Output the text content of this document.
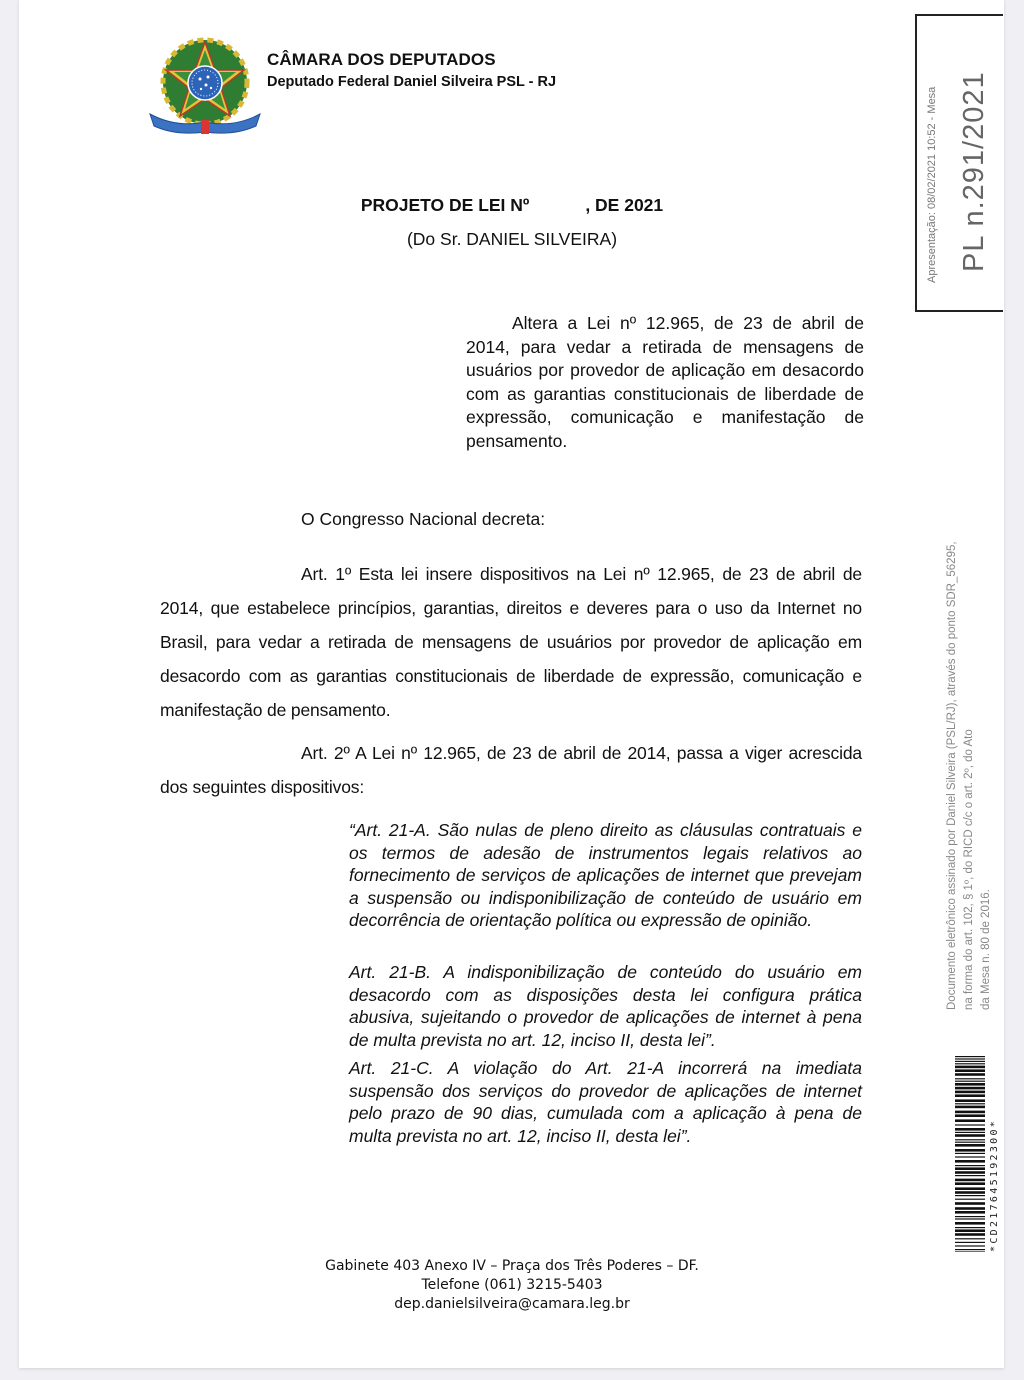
CÂMARA DOS DEPUTADOS
Deputado Federal Daniel Silveira PSL - RJ
PROJETO DE LEI Nº	, DE 2021
(Do Sr. DANIEL SILVEIRA)
Altera a Lei nº 12.965, de 23 de abril de 2014, para vedar a retirada de mensagens de usuários por provedor de aplicação em desacordo com as garantias constitucionais de liberdade de expressão, comunicação e manifestação de pensamento.
O Congresso Nacional decreta:
Art. 1º Esta lei insere dispositivos na Lei nº 12.965, de 23 de abril de 2014, que estabelece princípios, garantias, direitos e deveres para o uso da Internet no Brasil, para vedar a retirada de mensagens de usuários por provedor de aplicação em desacordo com as garantias constitucionais de liberdade de expressão, comunicação e manifestação de pensamento.
Art. 2º A Lei nº 12.965, de 23 de abril de 2014, passa a viger acrescida dos seguintes dispositivos:
“Art. 21-A. São nulas de pleno direito as cláusulas contratuais e os termos de adesão de instrumentos legais relativos ao fornecimento de serviços de aplicações de internet que prevejam a suspensão ou indisponibilização de conteúdo de usuário em decorrência de orientação política ou expressão de opinião.
Art. 21-B. A indisponibilização de conteúdo do usuário em desacordo com as disposições desta lei configura prática abusiva, sujeitando o provedor de aplicações de internet à pena de multa prevista no art. 12, inciso II, desta lei”.
Art. 21-C. A violação do Art. 21-A incorrerá na imediata suspensão dos serviços do provedor de aplicações de internet pelo prazo de 90 dias, cumulada com a aplicação à pena de multa prevista no art. 12, inciso II, desta lei”.
Gabinete 403 Anexo IV – Praça dos Três Poderes – DF.
Telefone (061) 3215-5403
dep.danielsilveira@camara.leg.br
Apresentação: 08/02/2021 10:52 - Mesa PL n.291/2021
Documento eletrônico assinado por Daniel Silveira (PSL/RJ), através do ponto SDR_56295, na forma do art. 102, § 1º, do RICD c/c o art. 2º, do Ato da Mesa n. 80 de 2016.
*CD217645192300*
